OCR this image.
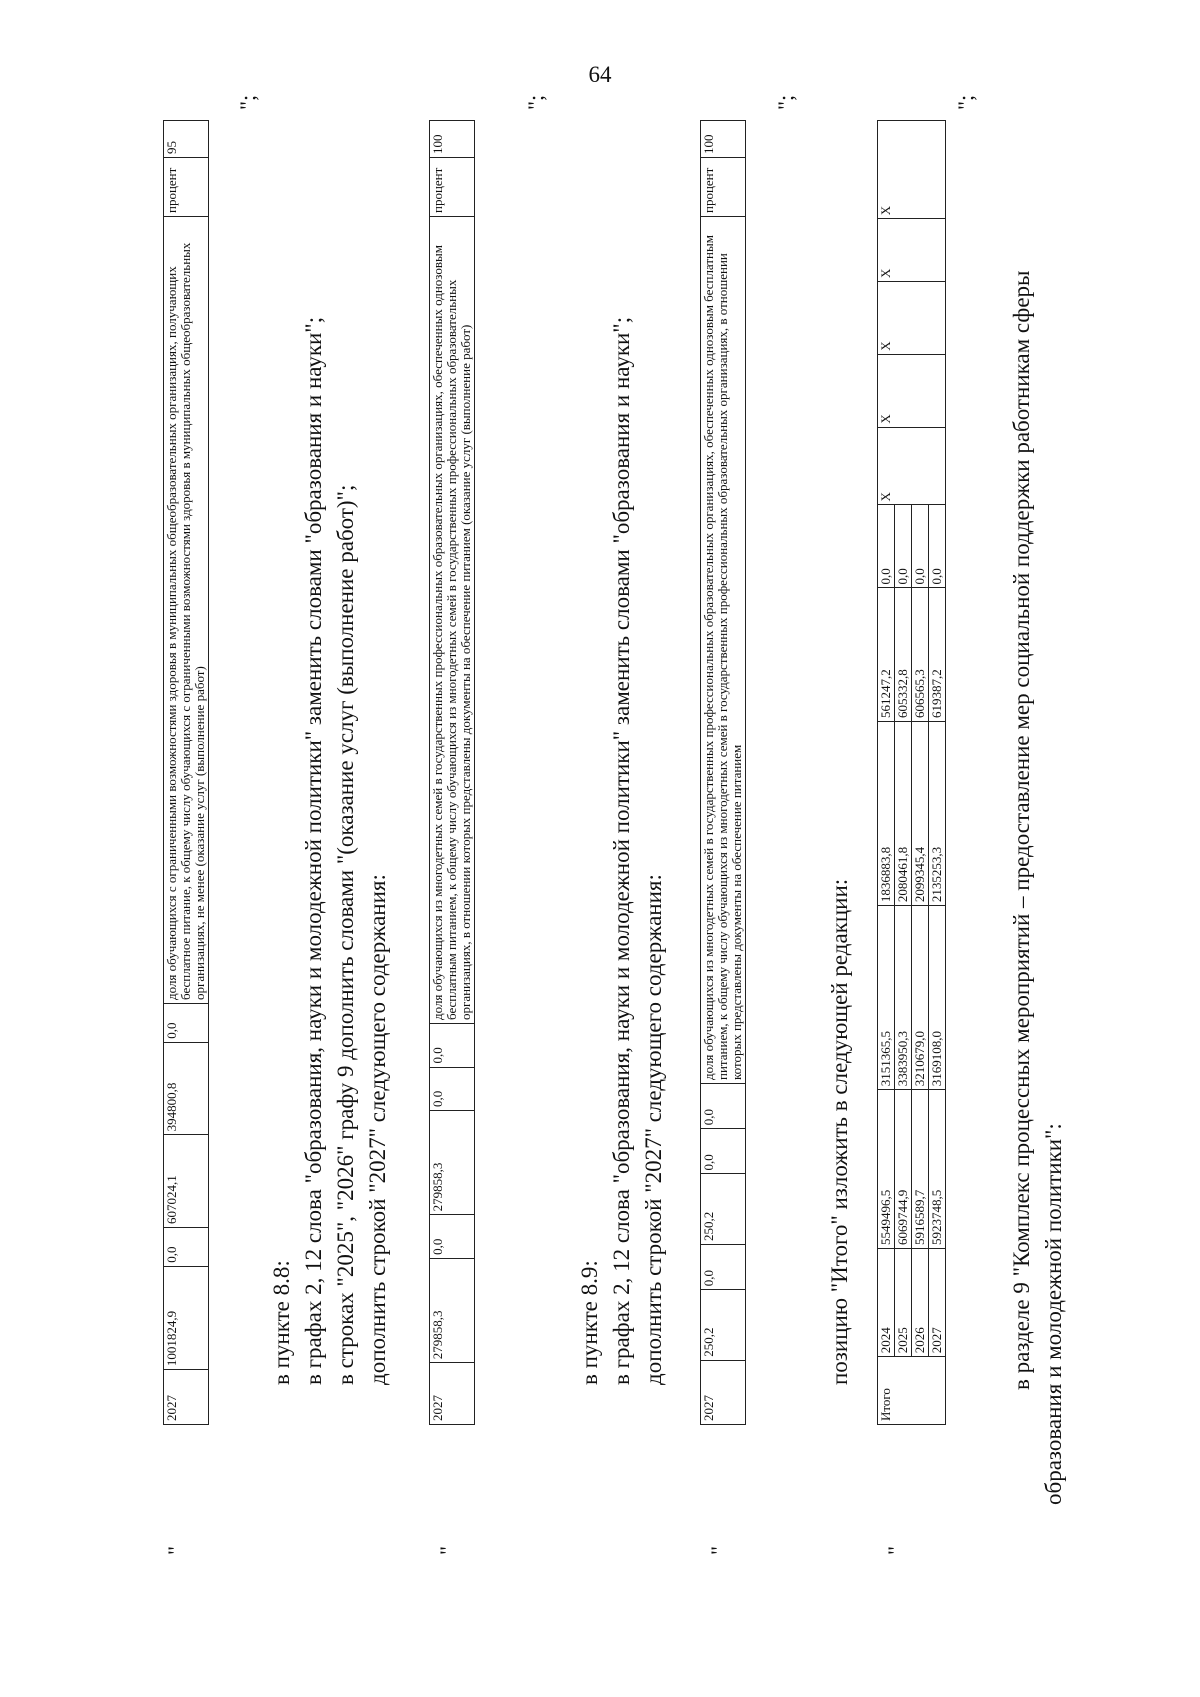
64
"
2027	1001824,9	0,0	607024,1	394800,8	0,0	доля обучающихся с ограниченными возможностями здоровья в муниципальных общеобразовательных организациях, получающих бесплатное питание, к общему числу обучающихся с ограниченными возможностями здоровья в муниципальных общеобразовательных организациях, не менее (оказание услуг (выполнение работ)	процент	95
";
в пункте 8.8: в графах 2, 12 слова "образования, науки и молодежной политики" заменить словами "образования и науки"; в строках "2025", "2026" графу 9 дополнить словами "(оказание услуг (выполнение работ)"; дополнить строкой "2027" следующего содержания:
"
2027	279858,3	0,0	279858,3	0,0	0,0	доля обучающихся из многодетных семей в государственных профессиональных образовательных организациях, обеспеченных однозовым бесплатным питанием, к общему числу обучающихся из многодетных семей в государственных профессиональных образовательных организациях, в отношении которых представлены документы на обеспечение питанием (оказание услуг (выполнение работ)	процент	100
";
в пункте 8.9: в графах 2, 12 слова "образования, науки и молодежной политики" заменить словами "образования и науки"; дополнить строкой "2027" следующего содержания:
"
2027	250,2	0,0	250,2	0,0	0,0	доля обучающихся из многодетных семей в государственных профессиональных образовательных организациях, обеспеченных однозовым бесплатным питанием, к общему числу обучающихся из многодетных семей в государственных профессиональных образовательных организациях, в отношении которых представлены документы на обеспечение питанием	процент	100
";
позицию "Итого" изложить в следующей редакции:
"
Итого	2024	5549496,5	3151365,5	1836883,8	561247,2	0,0	X	X	X	X	X
	2025	6069744,9	3383950,3	2080461,8	605332,8	0,0					
	2026	5916589,7	3210679,0	2099345,4	606565,3	0,0					
	2027	5923748,5	3169108,0	2135253,3	619387,2	0,0					
";
в разделе 9 "Комплекс процессных мероприятий – предоставление мер социальной поддержки работникам сферы образования и молодежной политики":
